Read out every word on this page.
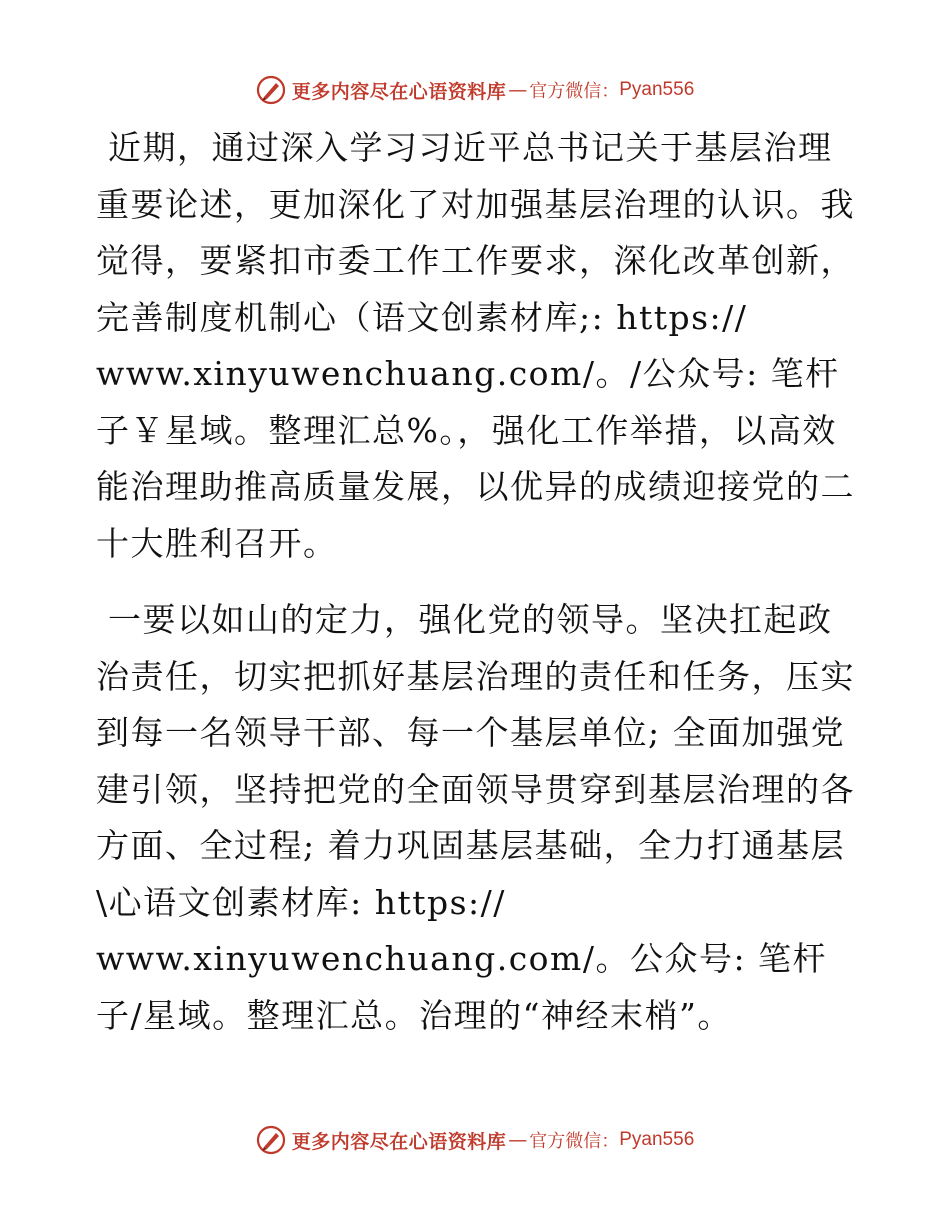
更多内容尽在心语资料库 — 官方微信： Pyan556

近期，通过深入学习习近平总书记关于基层治理重要论述，更加深化了对加强基层治理的认识。我觉得，要紧扣市委工作工作要求，深化改革创新，完善制度机制心（语文创素材库;: https://
www.xinyuwenchuang.com/。/公众号: 笔杆子￥星域。整理汇总%。，强化工作举措，以高效能治理助推高质量发展，以优异的成绩迎接党的二十大胜利召开。

一要以如山的定力，强化党的领导。坚决扛起政治责任，切实把抓好基层治理的责任和任务，压实到每一名领导干部、每一个基层单位; 全面加强党建引领，坚持把党的全面领导贯穿到基层治理的各方面、全过程; 着力巩固基层基础，全力打通基层\心语文创素材库: https://
www.xinyuwenchuang.com/。公众号: 笔杆子/星域。整理汇总。治理的“神经末梢”。

更多内容尽在心语资料库 — 官方微信： Pyan556
